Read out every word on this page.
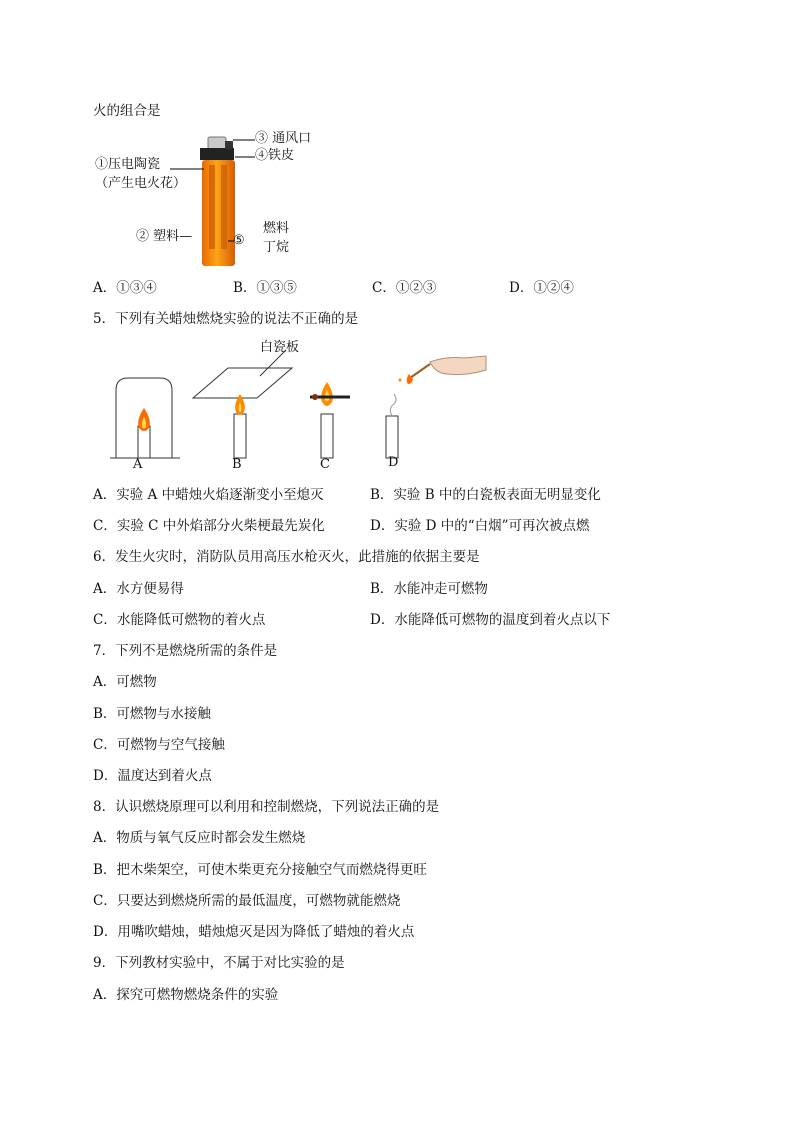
火的组合是
③ 通风口
④铁皮
①压电陶瓷
（产生电火花）
② 塑料—
燃料
⑤ 丁烷
A．①③④	B．①③⑤	C．①②③	D．①②④
5．下列有关蜡烛燃烧实验的说法不正确的是
白瓷板
A	B	C	D
A．实验 A 中蜡烛火焰逐渐变小至熄灭	B．实验 B 中的白瓷板表面无明显变化
C．实验 C 中外焰部分火柴梗最先炭化	D．实验 D 中的“白烟”可再次被点燃
6．发生火灾时，消防队员用高压水枪灭火，此措施的依据主要是
A．水方便易得	B．水能冲走可燃物
C．水能降低可燃物的着火点	D．水能降低可燃物的温度到着火点以下
7．下列不是燃烧所需的条件是
A．可燃物
B．可燃物与水接触
C．可燃物与空气接触
D．温度达到着火点
8．认识燃烧原理可以利用和控制燃烧，下列说法正确的是
A．物质与氧气反应时都会发生燃烧
B．把木柴架空，可使木柴更充分接触空气而燃烧得更旺
C．只要达到燃烧所需的最低温度，可燃物就能燃烧
D．用嘴吹蜡烛，蜡烛熄灭是因为降低了蜡烛的着火点
9．下列教材实验中，不属于对比实验的是
A．探究可燃物燃烧条件的实验
